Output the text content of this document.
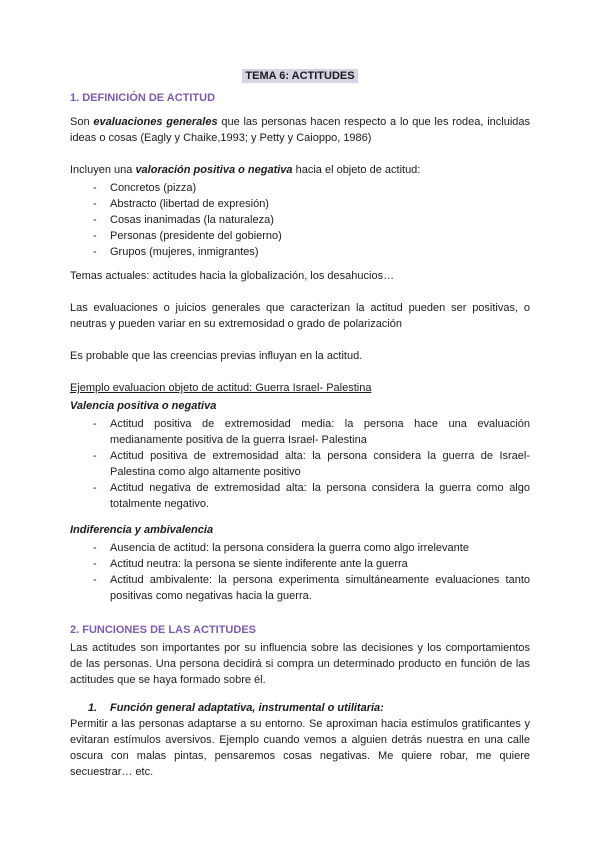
TEMA 6: ACTITUDES

1. DEFINICIÓN DE ACTITUD

Son evaluaciones generales que las personas hacen respecto a lo que les rodea, incluidas ideas o cosas (Eagly y Chaike,1993; y Petty y Caioppo, 1986)

Incluyen una valoración positiva o negativa hacia el objeto de actitud:

-	Concretos (pizza)
-	Abstracto (libertad de expresión)
-	Cosas inanimadas (la naturaleza)
-	Personas (presidente del gobierno)
-	Grupos (mujeres, inmigrantes)

Temas actuales: actitudes hacia la globalización, los desahucios…

Las evaluaciones o juicios generales que caracterizan la actitud pueden ser positivas, o neutras y pueden variar en su extremosidad o grado de polarización

Es probable que las creencias previas influyan en la actitud.

Ejemplo evaluacion objeto de actitud: Guerra Israel- Palestina

Valencia positiva o negativa

-	Actitud positiva de extremosidad media: la persona hace una evaluación medianamente positiva de la guerra Israel- Palestina
-	Actitud positiva de extremosidad alta: la persona considera la guerra de Israel- Palestina como algo altamente positivo
-	Actitud negativa de extremosidad alta: la persona considera la guerra como algo totalmente negativo.

Indiferencia y ambivalencia

-	Ausencia de actitud: la persona considera la guerra como algo irrelevante
-	Actitud neutra: la persona se siente indiferente ante la guerra
-	Actitud ambivalente: la persona experimenta simultáneamente evaluaciones tanto positivas como negativas hacia la guerra.

2. FUNCIONES DE LAS ACTITUDES

Las actitudes son importantes por su influencia sobre las decisiones y los comportamientos de las personas. Una persona decidirá si compra un determinado producto en función de las actitudes que se haya formado sobre él.

1.	Función general adaptativa, instrumental o utilitaria:

Permitir a las personas adaptarse a su entorno. Se aproximan hacia estímulos gratificantes y evitaran estímulos aversivos. Ejemplo cuando vemos a alguien detrás nuestra en una calle oscura con malas pintas, pensaremos cosas negativas. Me quiere robar, me quiere secuestrar… etc.
